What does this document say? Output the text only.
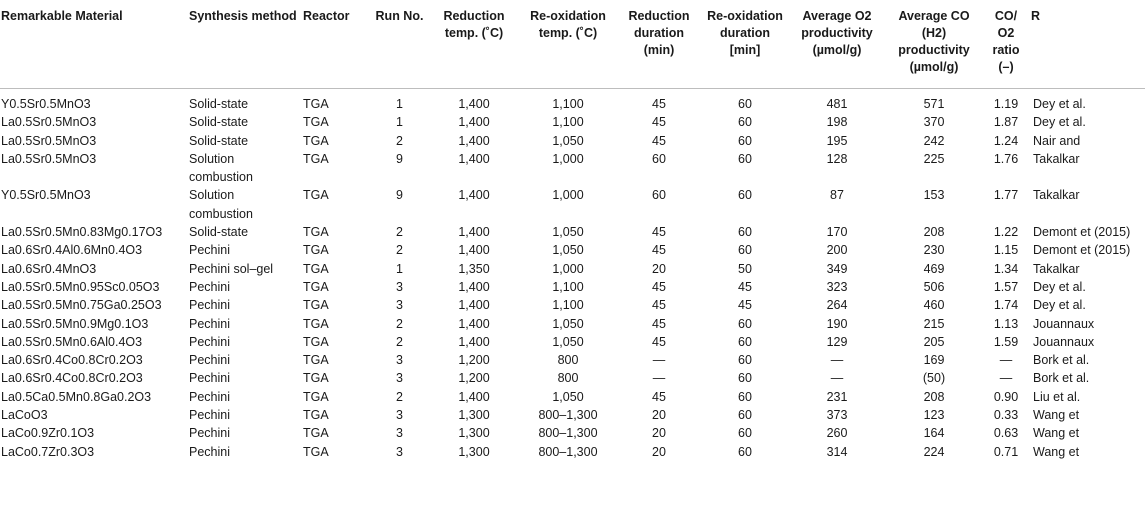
Remarkable Material	Synthesis method	Reactor	Run No.	Reduction temp. (˚C)	Re-oxidation temp. (˚C)	Reduction duration (min)	Re-oxidation duration [min]	Average O2 productivity (µmol/g)	Average CO (H2) productivity (µmol/g)	CO/ O2 ratio (–)	R
Y0.5Sr0.5MnO3	Solid-state	TGA	1	1,400	1,100	45	60	481	571	1.19	Dey et al.
La0.5Sr0.5MnO3	Solid-state	TGA	1	1,400	1,100	45	60	198	370	1.87	Dey et al.
La0.5Sr0.5MnO3	Solid-state	TGA	2	1,400	1,050	45	60	195	242	1.24	Nair and
La0.5Sr0.5MnO3	Solution combustion	TGA	9	1,400	1,000	60	60	128	225	1.76	Takalkar
Y0.5Sr0.5MnO3	Solution combustion	TGA	9	1,400	1,000	60	60	87	153	1.77	Takalkar
La0.5Sr0.5Mn0.83Mg0.17O3	Solid-state	TGA	2	1,400	1,050	45	60	170	208	1.22	Demont et (2015)
La0.6Sr0.4Al0.6Mn0.4O3	Pechini	TGA	2	1,400	1,050	45	60	200	230	1.15	Demont et (2015)
La0.6Sr0.4MnO3	Pechini sol–gel	TGA	1	1,350	1,000	20	50	349	469	1.34	Takalkar
La0.5Sr0.5Mn0.95Sc0.05O3	Pechini	TGA	3	1,400	1,100	45	45	323	506	1.57	Dey et al.
La0.5Sr0.5Mn0.75Ga0.25O3	Pechini	TGA	3	1,400	1,100	45	45	264	460	1.74	Dey et al.
La0.5Sr0.5Mn0.9Mg0.1O3	Pechini	TGA	2	1,400	1,050	45	60	190	215	1.13	Jouannaux
La0.5Sr0.5Mn0.6Al0.4O3	Pechini	TGA	2	1,400	1,050	45	60	129	205	1.59	Jouannaux
La0.6Sr0.4Co0.8Cr0.2O3	Pechini	TGA	3	1,200	800	—	60	—	169	—	Bork et al.
La0.6Sr0.4Co0.8Cr0.2O3	Pechini	TGA	3	1,200	800	—	60	—	(50)	—	Bork et al.
La0.5Ca0.5Mn0.8Ga0.2O3	Pechini	TGA	2	1,400	1,050	45	60	231	208	0.90	Liu et al.
LaCoO3	Pechini	TGA	3	1,300	800–1,300	20	60	373	123	0.33	Wang et
LaCo0.9Zr0.1O3	Pechini	TGA	3	1,300	800–1,300	20	60	260	164	0.63	Wang et
LaCo0.7Zr0.3O3	Pechini	TGA	3	1,300	800–1,300	20	60	314	224	0.71	Wang et
